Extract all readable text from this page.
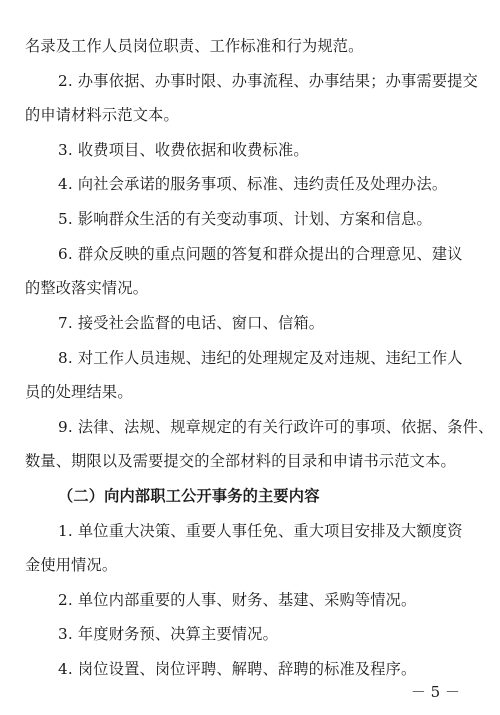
名录及工作人员岗位职责、工作标准和行为规范。
2. 办事依据、办事时限、办事流程、办事结果；办事需要提交
的申请材料示范文本。
3. 收费项目、收费依据和收费标准。
4. 向社会承诺的服务事项、标准、违约责任及处理办法。
5. 影响群众生活的有关变动事项、计划、方案和信息。
6. 群众反映的重点问题的答复和群众提出的合理意见、建议
的整改落实情况。
7. 接受社会监督的电话、窗口、信箱。
8. 对工作人员违规、违纪的处理规定及对违规、违纪工作人
员的处理结果。
9. 法律、法规、规章规定的有关行政许可的事项、依据、条件、
数量、期限以及需要提交的全部材料的目录和申请书示范文本。
（二）向内部职工公开事务的主要内容
1. 单位重大决策、重要人事任免、重大项目安排及大额度资
金使用情况。
2. 单位内部重要的人事、财务、基建、采购等情况。
3. 年度财务预、决算主要情况。
4. 岗位设置、岗位评聘、解聘、辞聘的标准及程序。
－ 5 －
